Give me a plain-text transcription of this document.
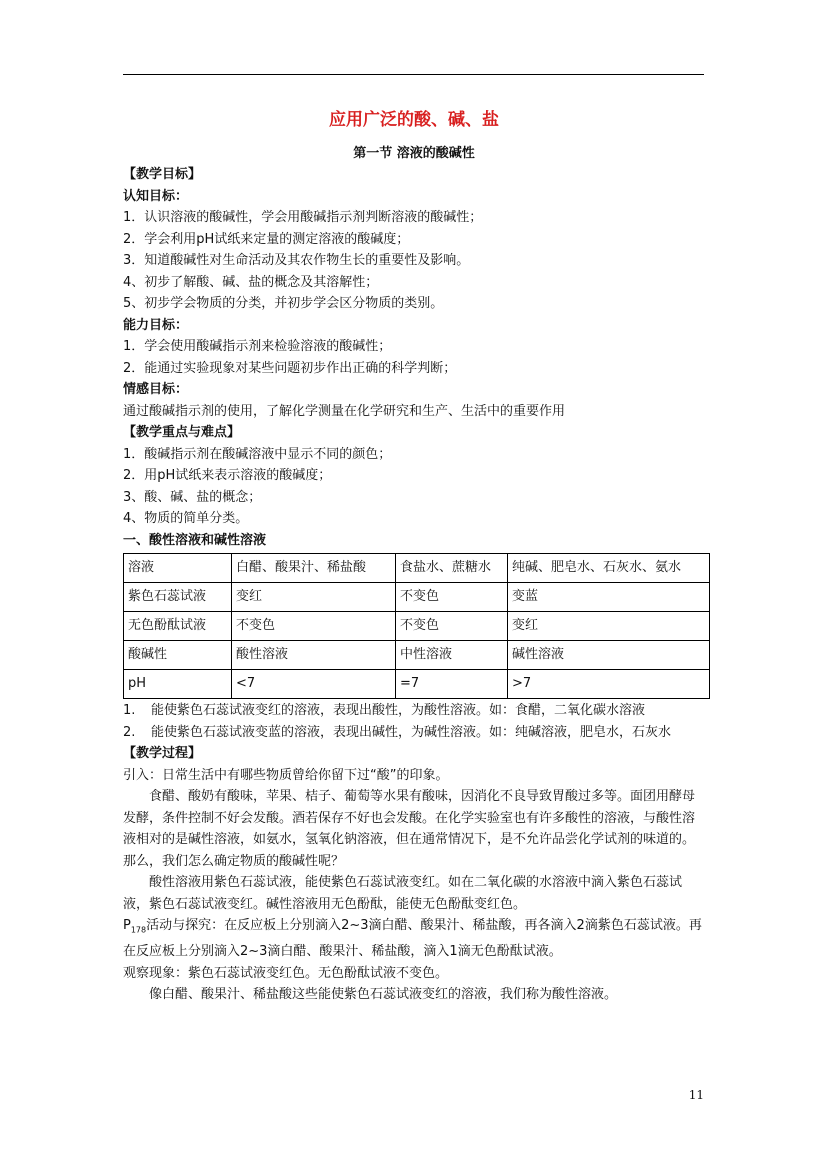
应用广泛的酸、碱、盐
第一节 溶液的酸碱性
【教学目标】
认知目标：
1．认识溶液的酸碱性，学会用酸碱指示剂判断溶液的酸碱性；
2．学会利用pH试纸来定量的测定溶液的酸碱度；
3．知道酸碱性对生命活动及其农作物生长的重要性及影响。
4、初步了解酸、碱、盐的概念及其溶解性；
5、初步学会物质的分类，并初步学会区分物质的类别。
能力目标：
1．学会使用酸碱指示剂来检验溶液的酸碱性；
2．能通过实验现象对某些问题初步作出正确的科学判断；
情感目标：
通过酸碱指示剂的使用，了解化学测量在化学研究和生产、生活中的重要作用
【教学重点与难点】
1．酸碱指示剂在酸碱溶液中显示不同的颜色；
2．用pH试纸来表示溶液的酸碱度；
3、酸、碱、盐的概念；
4、物质的简单分类。
一、酸性溶液和碱性溶液
溶液	白醋、酸果汁、稀盐酸	食盐水、蔗糖水	纯碱、肥皂水、石灰水、氨水
紫色石蕊试液	变红	不变色	变蓝
无色酚酞试液	不变色	不变色	变红
酸碱性	酸性溶液	中性溶液	碱性溶液
pH	<7	=7	>7
1. 能使紫色石蕊试液变红的溶液，表现出酸性，为酸性溶液。如：食醋，二氧化碳水溶液
2. 能使紫色石蕊试液变蓝的溶液，表现出碱性，为碱性溶液。如：纯碱溶液，肥皂水，石灰水
【教学过程】
引入：日常生活中有哪些物质曾给你留下过“酸”的印象。
食醋、酸奶有酸味，苹果、桔子、葡萄等水果有酸味，因消化不良导致胃酸过多等。面团用酵母发酵，条件控制不好会发酸。酒若保存不好也会发酸。在化学实验室也有许多酸性的溶液，与酸性溶液相对的是碱性溶液，如氨水，氢氧化钠溶液，但在通常情况下，是不允许品尝化学试剂的味道的。那么，我们怎么确定物质的酸碱性呢？
酸性溶液用紫色石蕊试液，能使紫色石蕊试液变红。如在二氧化碳的水溶液中滴入紫色石蕊试液，紫色石蕊试液变红。碱性溶液用无色酚酞，能使无色酚酞变红色。
$P_{178}$活动与探究：在反应板上分别滴入2~3滴白醋、酸果汁、稀盐酸，再各滴入2滴紫色石蕊试液。再在反应板上分别滴入2~3滴白醋、酸果汁、稀盐酸，滴入1滴无色酚酞试液。
观察现象：紫色石蕊试液变红色。无色酚酞试液不变色。
像白醋、酸果汁、稀盐酸这些能使紫色石蕊试液变红的溶液，我们称为酸性溶液。
11
